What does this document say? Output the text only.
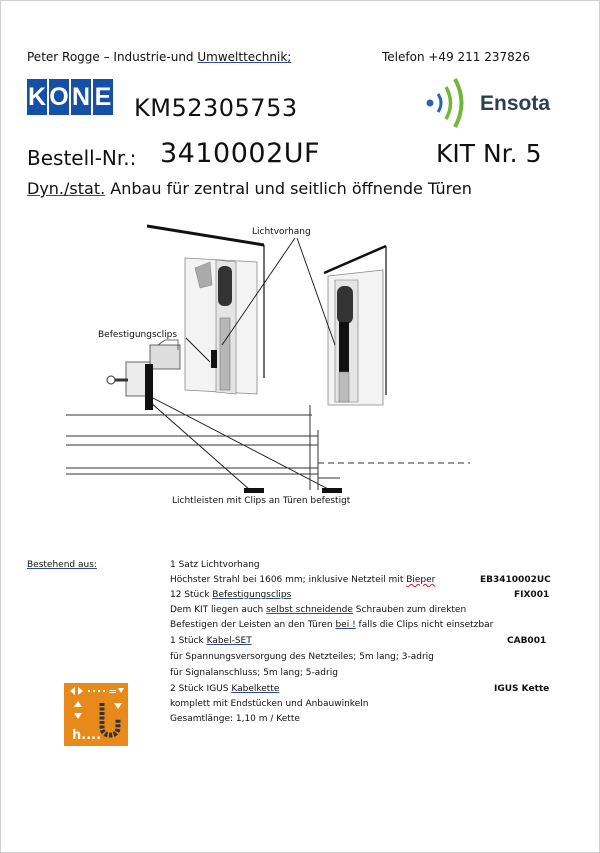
Peter Rogge – Industrie-und Umwelttechnik;	Telefon +49 211 237826
K O N E KM52305753	Ensota
Bestell-Nr.: 3410002UF	KIT Nr. 5
Dyn./stat. Anbau für zentral und seitlich öffnende Türen
Lichtvorhang
Befestigungsclips
Lichtleisten mit Clips an Türen befestigt
Bestehend aus:	1 Satz Lichtvorhang
Höchster Strahl bei 1606 mm; inklusive Netzteil mit Bieper	EB3410002UC
12 Stück Befestigungsclips	FIX001
Dem KIT liegen auch selbst schneidende Schrauben zum direkten
Befestigen der Leisten an den Türen bei ! falls die Clips nicht einsetzbar
1 Stück Kabel-SET	CAB001
für Spannungsversorgung des Netzteiles; 5m lang; 3-adrig
für Signalanschluss; 5m lang; 5-adrig
2 Stück IGUS Kabelkette	IGUS Kette
komplett mit Endstücken und Anbauwinkeln
Gesamtlänge: 1,10 m / Kette
=
h....
